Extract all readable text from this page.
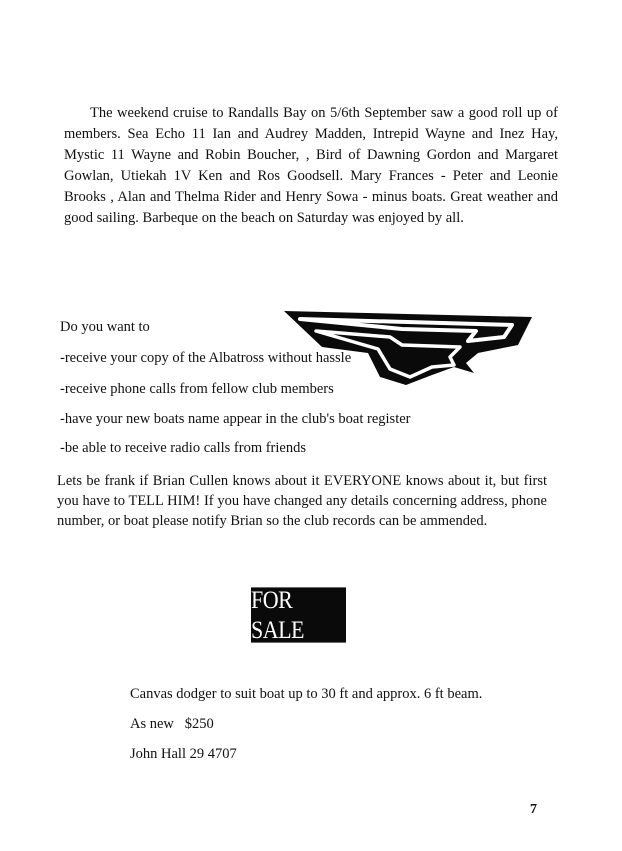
The weekend cruise to Randalls Bay on 5/6th September saw a good roll up of members. Sea Echo 11 Ian and Audrey Madden, Intrepid Wayne and Inez Hay, Mystic 11 Wayne and Robin Boucher, , Bird of Dawning Gordon and Margaret Gowlan, Utiekah 1V Ken and Ros Goodsell. Mary Frances - Peter and Leonie Brooks , Alan and Thelma Rider and Henry Sowa - minus boats. Great weather and good sailing. Barbeque on the beach on Saturday was enjoyed by all.

Do you want to

-receive your copy of the Albatross without hassle

-receive phone calls from fellow club members

-have your new boats name appear in the club's boat register

-be able to receive radio calls from friends

Lets be frank if Brian Cullen knows about it EVERYONE knows about it, but first you have to TELL HIM! If you have changed any details concerning address, phone number, or boat please notify Brian so the club records can be ammended.

FOR SALE

Canvas dodger to suit boat up to 30 ft and approx. 6 ft beam.

As new   $250

John Hall 29 4707

7
